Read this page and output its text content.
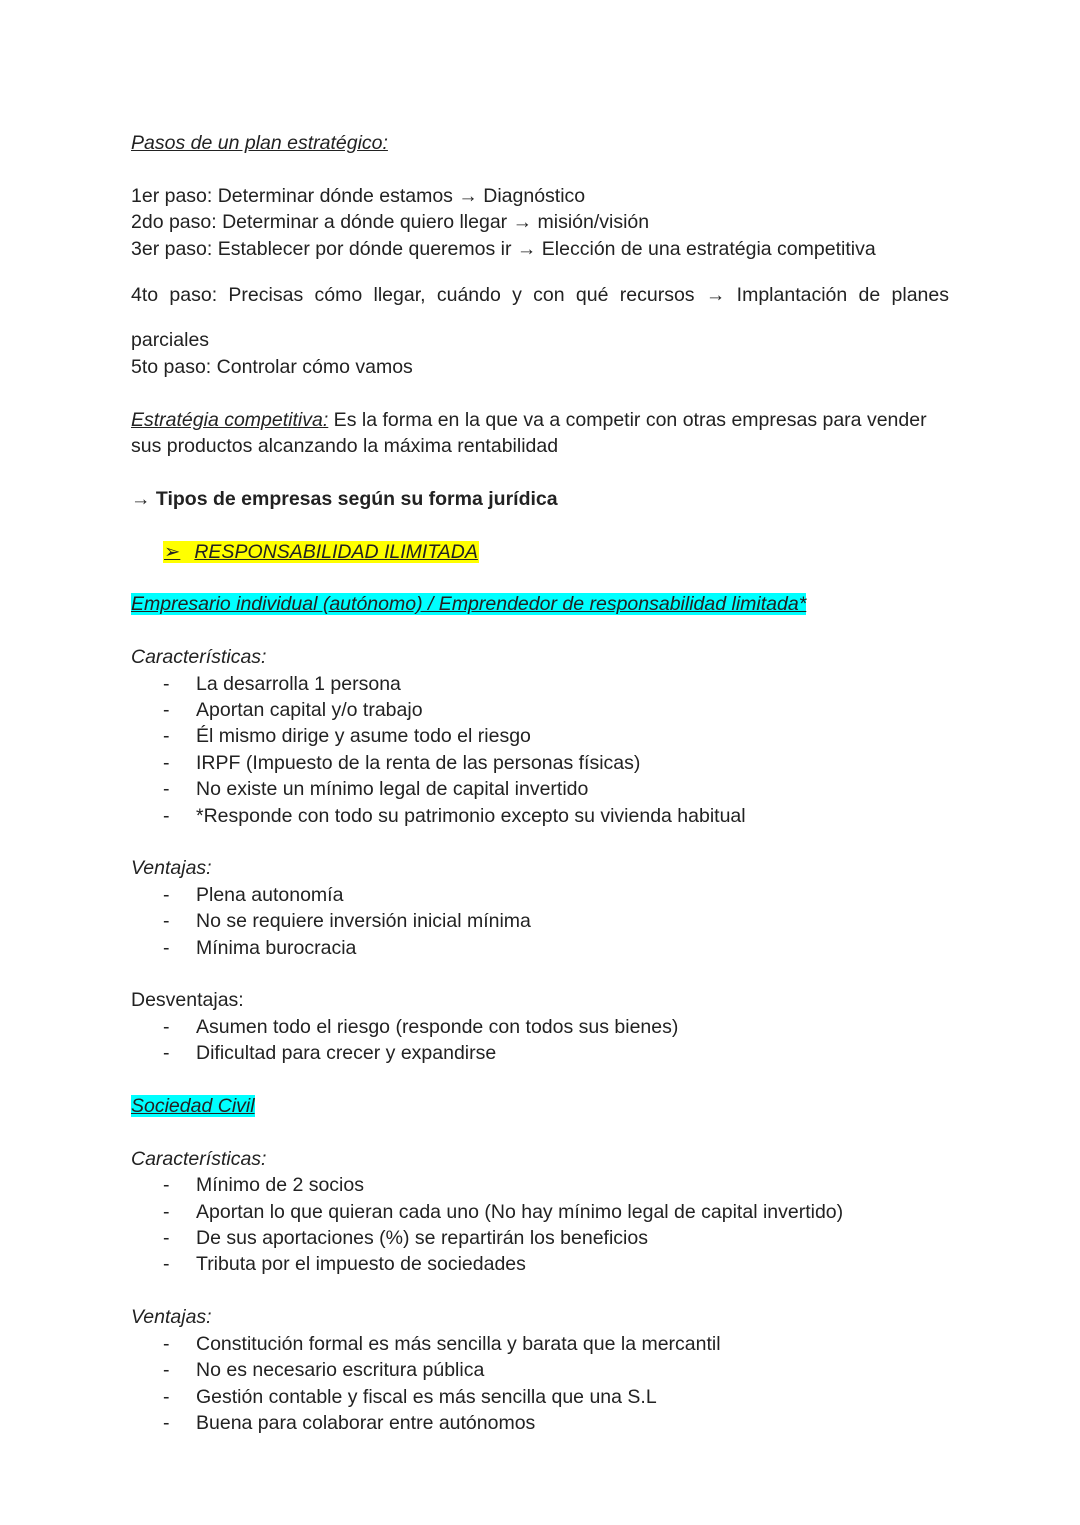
Pasos de un plan estratégico:

1er paso: Determinar dónde estamos → Diagnóstico

2do paso: Determinar a dónde quiero llegar → misión/visión

3er paso: Establecer por dónde queremos ir → Elección de una estratégia competitiva

4to paso: Precisas cómo llegar, cuándo y con qué recursos → Implantación de planes

parciales

5to paso: Controlar cómo vamos

Estratégia competitiva: Es la forma en la que va a competir con otras empresas para vender

sus productos alcanzando la máxima rentabilidad

→ Tipos de empresas según su forma jurídica

➢ RESPONSABILIDAD ILIMITADA

Empresario individual (autónomo) / Emprendedor de responsabilidad limitada*

Características:

- La desarrolla 1 persona
- Aportan capital y/o trabajo
- Él mismo dirige y asume todo el riesgo
- IRPF (Impuesto de la renta de las personas físicas)
- No existe un mínimo legal de capital invertido
- *Responde con todo su patrimonio excepto su vivienda habitual

Ventajas:

- Plena autonomía
- No se requiere inversión inicial mínima
- Mínima burocracia

Desventajas:

- Asumen todo el riesgo (responde con todos sus bienes)
- Dificultad para crecer y expandirse

Sociedad Civil

Características:

- Mínimo de 2 socios
- Aportan lo que quieran cada uno (No hay mínimo legal de capital invertido)
- De sus aportaciones (%) se repartirán los beneficios
- Tributa por el impuesto de sociedades

Ventajas:

- Constitución formal es más sencilla y barata que la mercantil
- No es necesario escritura pública
- Gestión contable y fiscal es más sencilla que una S.L
- Buena para colaborar entre autónomos
